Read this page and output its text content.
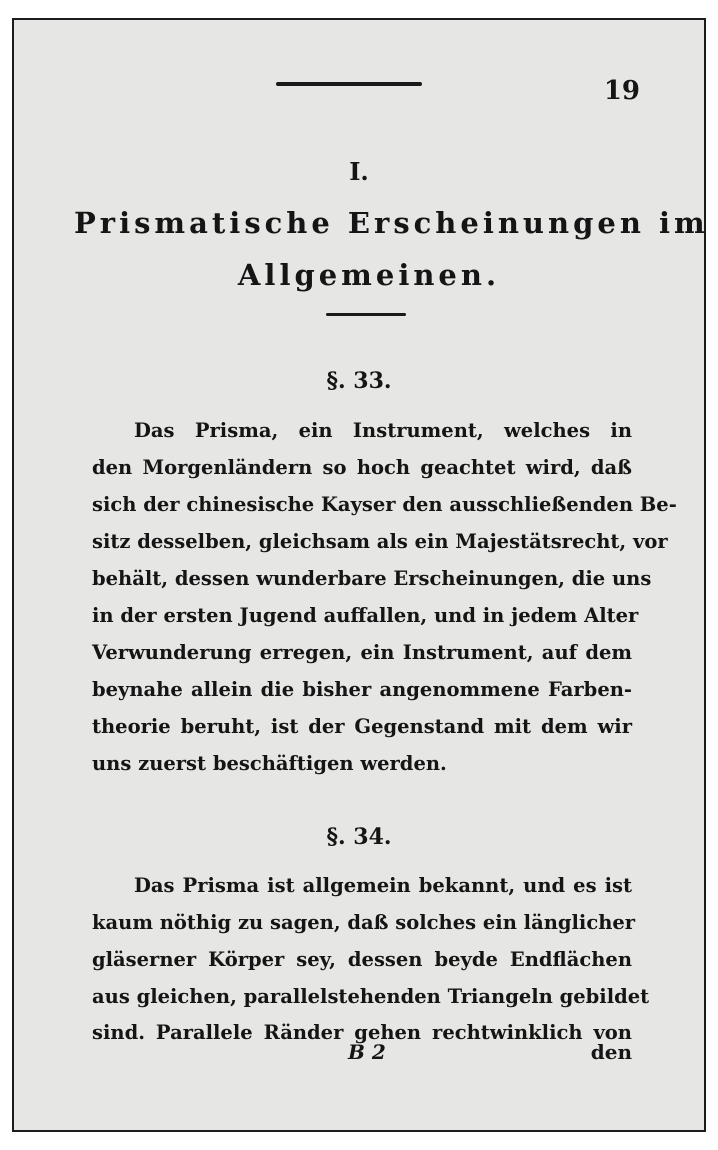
19
I.
Prismatische Erscheinungen im
Allgemeinen.
§. 33.
Das Prisma, ein Instrument, welches in
den Morgenländern so hoch geachtet wird, daß
sich der chinesische Kayser den ausschließenden Be-
sitz desselben, gleichsam als ein Majestätsrecht, vor
behält, dessen wunderbare Erscheinungen, die uns
in der ersten Jugend auffallen, und in jedem Alter
Verwunderung erregen, ein Instrument, auf dem
beynahe allein die bisher angenommene Farben-
theorie beruht, ist der Gegenstand mit dem wir
uns zuerst beschäftigen werden.
§. 34.
Das Prisma ist allgemein bekannt, und es ist
kaum nöthig zu sagen, daß solches ein länglicher
gläserner Körper sey, dessen beyde Endflächen
aus gleichen, parallelstehenden Triangeln gebildet
sind. Parallele Ränder gehen rechtwinklich von
B 2	den
